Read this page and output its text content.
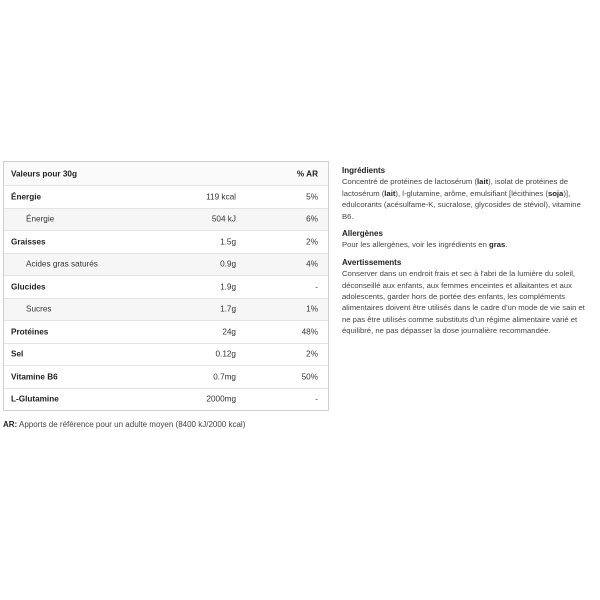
Valeurs pour 30g	% AR
Énergie	119 kcal	5%
Énergie	504 kJ	6%
Graisses	1.5g	2%
Acides gras saturés	0.9g	4%
Glucides	1.9g	-
Sucres	1.7g	1%
Protéines	24g	48%
Sel	0.12g	2%
Vitamine B6	0.7mg	50%
L-Glutamine	2000mg	-
AR: Apports de référence pour un adulte moyen (8400 kJ/2000 kcal)

Ingrédients

Concentré de protéines de lactosérum (lait), isolat de protéines de lactosérum (lait), l-glutamine, arôme, emulsifiant [lécithines (soja)], edulcorants (acésulfame-K, sucralose, glycosides de stéviol), vitamine B6.

Allergènes

Pour les allergènes, voir les ingrédients en gras.

Avertissements

Conserver dans un endroit frais et sec à l'abri de la lumière du soleil, déconseillé aux enfants, aux femmes enceintes et allaitantes et aux adolescents, garder hors de portée des enfants, les compléments alimentaires doivent être utilisés dans le cadre d'un mode de vie sain et ne pas être utilisés comme substituts d'un régime alimentaire varié et équilibré, ne pas dépasser la dose journalière recommandée.
